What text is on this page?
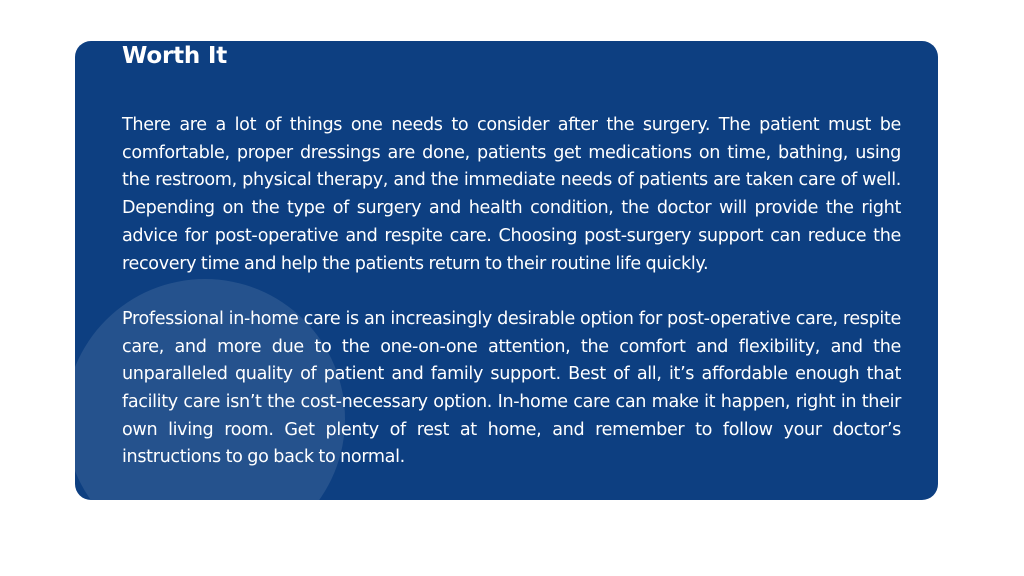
Worth It

There are a lot of things one needs to consider after the surgery. The patient must be comfortable, proper dressings are done, patients get medications on time, bathing, using the restroom, physical therapy, and the immediate needs of patients are taken care of well. Depending on the type of surgery and health condition, the doctor will provide the right advice for post-operative and respite care. Choosing post-surgery support can reduce the recovery time and help the patients return to their routine life quickly.

Professional in-home care is an increasingly desirable option for post-operative care, respite care, and more due to the one-on-one attention, the comfort and flexibility, and the unparalleled quality of patient and family support. Best of all, it’s affordable enough that facility care isn’t the cost-necessary option. In-home care can make it happen, right in their own living room. Get plenty of rest at home, and remember to follow your doctor’s instructions to go back to normal.
